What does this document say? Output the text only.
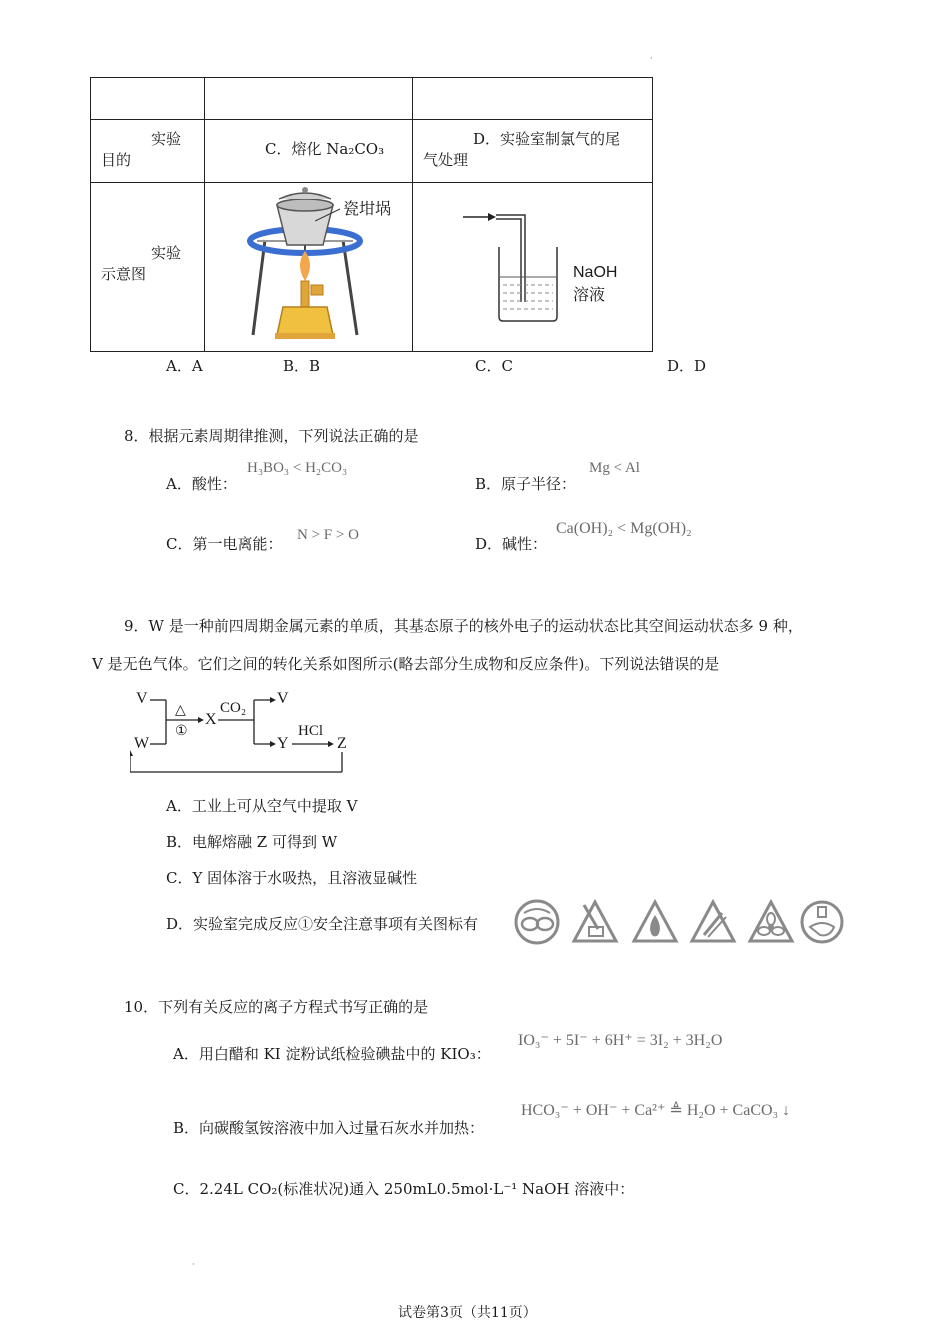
·
·

实验
目的	C．熔化 Na₂CO₃	D．实验室制氯气的尾
气处理

实验
示意图	瓷坩埚	NaOH
溶液
A．A	B．B	C．C	D．D
8．根据元素周期律推测，下列说法正确的是
A．酸性：
H₃BO₃ < H₂CO₃
B．原子半径：
Mg < Al
C．第一电离能： N > F > O	D．碱性：
Ca(OH)₂ < Mg(OH)₂
9．W 是一种前四周期金属元素的单质，其基态原子的核外电子的运动状态比其空间运动状态多 9 种，
V 是无色气体。它们之间的转化关系如图所示(略去部分生成物和反应条件)。下列说法错误的是
V
W
△
①
X
CO₂
V
Y
HCl
Z
A．工业上可从空气中提取 V
B．电解熔融 Z 可得到 W
C．Y 固体溶于水吸热，且溶液显碱性
D．实验室完成反应①安全注意事项有关图标有
10．下列有关反应的离子方程式书写正确的是
A．用白醋和 KI 淀粉试纸检验碘盐中的 KIO₃：
IO₃⁻ + 5I⁻ + 6H⁺ = 3I₂ + 3H₂O
B．向碳酸氢铵溶液中加入过量石灰水并加热：
HCO₃⁻ + OH⁻ + Ca²⁺ ≜ H₂O + CaCO₃ ↓
C．2.24L CO₂(标准状况)通入 250mL0.5mol·L⁻¹ NaOH 溶液中：
试卷第3页（共11页）
